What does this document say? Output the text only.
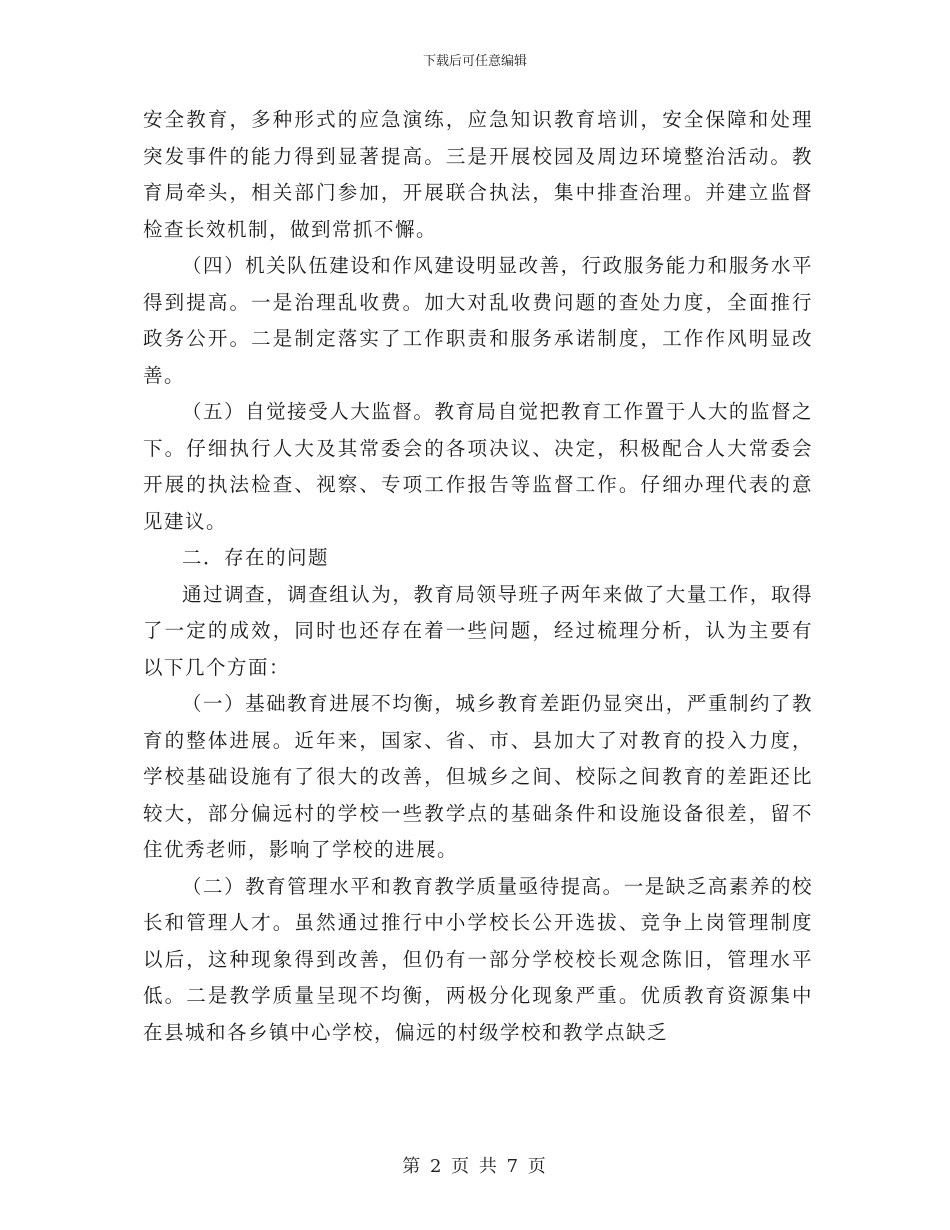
下载后可任意编辑

安全教育，多种形式的应急演练，应急知识教育培训，安全保障和处理突发事件的能力得到显著提高。三是开展校园及周边环境整治活动。教育局牵头，相关部门参加，开展联合执法，集中排查治理。并建立监督检查长效机制，做到常抓不懈。

（四）机关队伍建设和作风建设明显改善，行政服务能力和服务水平得到提高。一是治理乱收费。加大对乱收费问题的查处力度，全面推行政务公开。二是制定落实了工作职责和服务承诺制度，工作作风明显改善。

（五）自觉接受人大监督。教育局自觉把教育工作置于人大的监督之下。仔细执行人大及其常委会的各项决议、决定，积极配合人大常委会开展的执法检查、视察、专项工作报告等监督工作。仔细办理代表的意见建议。

二．存在的问题

通过调查，调查组认为，教育局领导班子两年来做了大量工作，取得了一定的成效，同时也还存在着一些问题，经过梳理分析，认为主要有以下几个方面：

（一）基础教育进展不均衡，城乡教育差距仍显突出，严重制约了教育的整体进展。近年来，国家、省、市、县加大了对教育的投入力度，学校基础设施有了很大的改善，但城乡之间、校际之间教育的差距还比较大，部分偏远村的学校一些教学点的基础条件和设施设备很差，留不住优秀老师，影响了学校的进展。

（二）教育管理水平和教育教学质量亟待提高。一是缺乏高素养的校长和管理人才。虽然通过推行中小学校长公开选拔、竞争上岗管理制度以后，这种现象得到改善，但仍有一部分学校校长观念陈旧，管理水平低。二是教学质量呈现不均衡，两极分化现象严重。优质教育资源集中在县城和各乡镇中心学校，偏远的村级学校和教学点缺乏

第 2 页 共 7 页
